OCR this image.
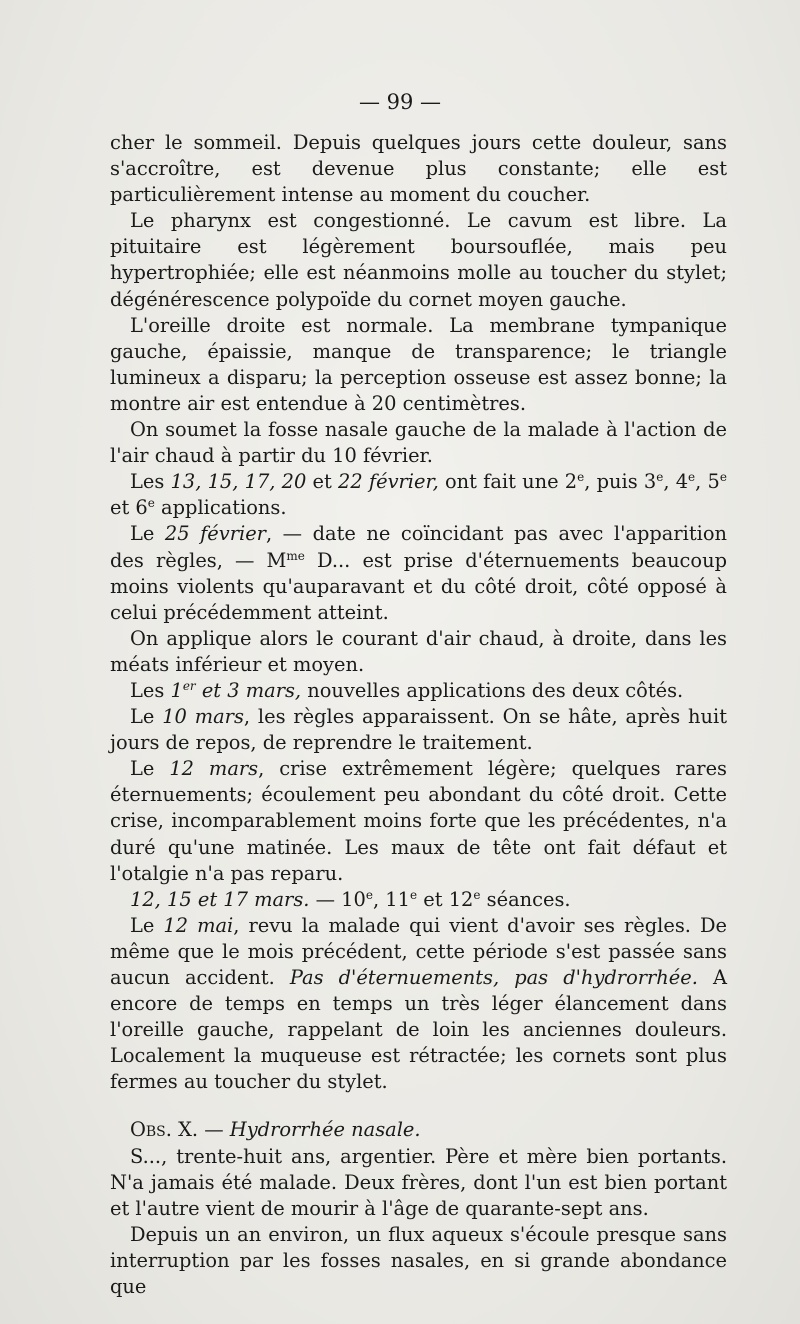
— 99 —

cher le sommeil. Depuis quelques jours cette douleur, sans s'accroître, est devenue plus constante; elle est particulièrement intense au moment du coucher.

Le pharynx est congestionné. Le cavum est libre. La pituitaire est légèrement boursouflée, mais peu hypertrophiée; elle est néanmoins molle au toucher du stylet; dégénérescence polypoïde du cornet moyen gauche.

L'oreille droite est normale. La membrane tympanique gauche, épaissie, manque de transparence; le triangle lumineux a disparu; la perception osseuse est assez bonne; la montre air est entendue à 20 centimètres.

On soumet la fosse nasale gauche de la malade à l'action de l'air chaud à partir du 10 février.

Les 13, 15, 17, 20 et 22 février, ont fait une 2e, puis 3e, 4e, 5e et 6e applications.

Le 25 février, — date ne coïncidant pas avec l'apparition des règles, — $M^{me}$ D... est prise d'éternuements beaucoup moins violents qu'auparavant et du côté droit, côté opposé à celui précédemment atteint.

On applique alors le courant d'air chaud, à droite, dans les méats inférieur et moyen.

Les 1er et 3 mars, nouvelles applications des deux côtés.

Le 10 mars, les règles apparaissent. On se hâte, après huit jours de repos, de reprendre le traitement.

Le 12 mars, crise extrêmement légère; quelques rares éternuements; écoulement peu abondant du côté droit. Cette crise, incomparablement moins forte que les précédentes, n'a duré qu'une matinée. Les maux de tête ont fait défaut et l'otalgie n'a pas reparu.

12, 15 et 17 mars. — 10e, 11e et 12e séances.

Le 12 mai, revu la malade qui vient d'avoir ses règles. De même que le mois précédent, cette période s'est passée sans aucun accident. Pas d'éternuements, pas d'hydrorrhée. A encore de temps en temps un très léger élancement dans l'oreille gauche, rappelant de loin les anciennes douleurs. Localement la muqueuse est rétractée; les cornets sont plus fermes au toucher du stylet.

Obs. X. — Hydrorrhée nasale.

S..., trente-huit ans, argentier. Père et mère bien portants. N'a jamais été malade. Deux frères, dont l'un est bien portant et l'autre vient de mourir à l'âge de quarante-sept ans.

Depuis un an environ, un flux aqueux s'écoule presque sans interruption par les fosses nasales, en si grande abondance que
